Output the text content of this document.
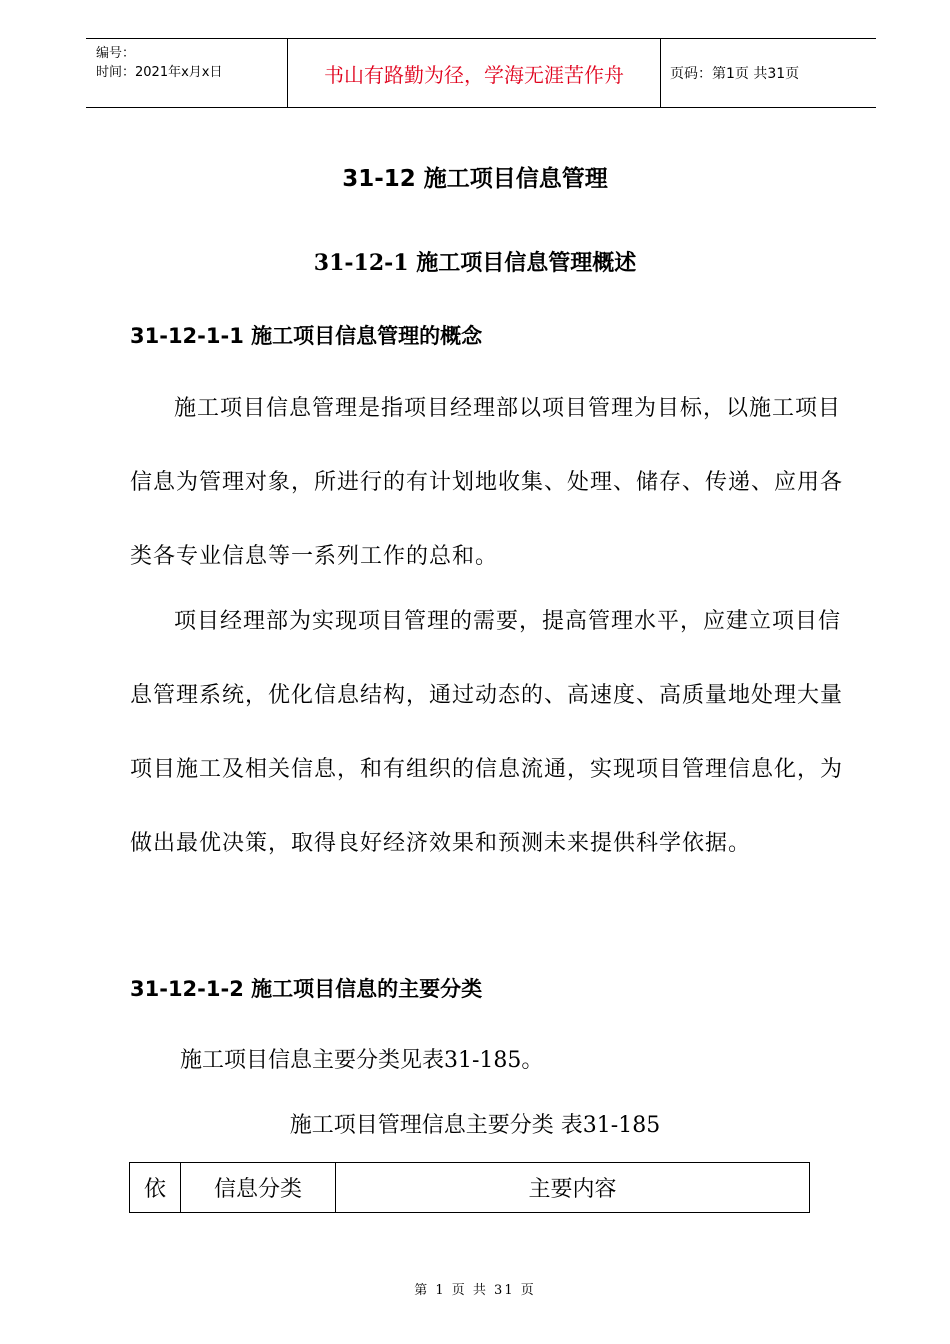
编号：
时间：2021年x月x日	书山有路勤为径，学海无涯苦作舟	页码：第1页 共31页
31-12 施工项目信息管理
31-12-1 施工项目信息管理概述
31-12-1-1 施工项目信息管理的概念

施工项目信息管理是指项目经理部以项目管理为目标，以施工项目信息为管理对象，所进行的有计划地收集、处理、储存、传递、应用各类各专业信息等一系列工作的总和。

项目经理部为实现项目管理的需要，提高管理水平，应建立项目信息管理系统，优化信息结构，通过动态的、高速度、高质量地处理大量项目施工及相关信息，和有组织的信息流通，实现项目管理信息化，为做出最优决策，取得良好经济效果和预测未来提供科学依据。

31-12-1-2 施工项目信息的主要分类
施工项目信息主要分类见表31-185。
施工项目管理信息主要分类 表31-185
依	信息分类	主要内容
第 1 页 共 31 页
